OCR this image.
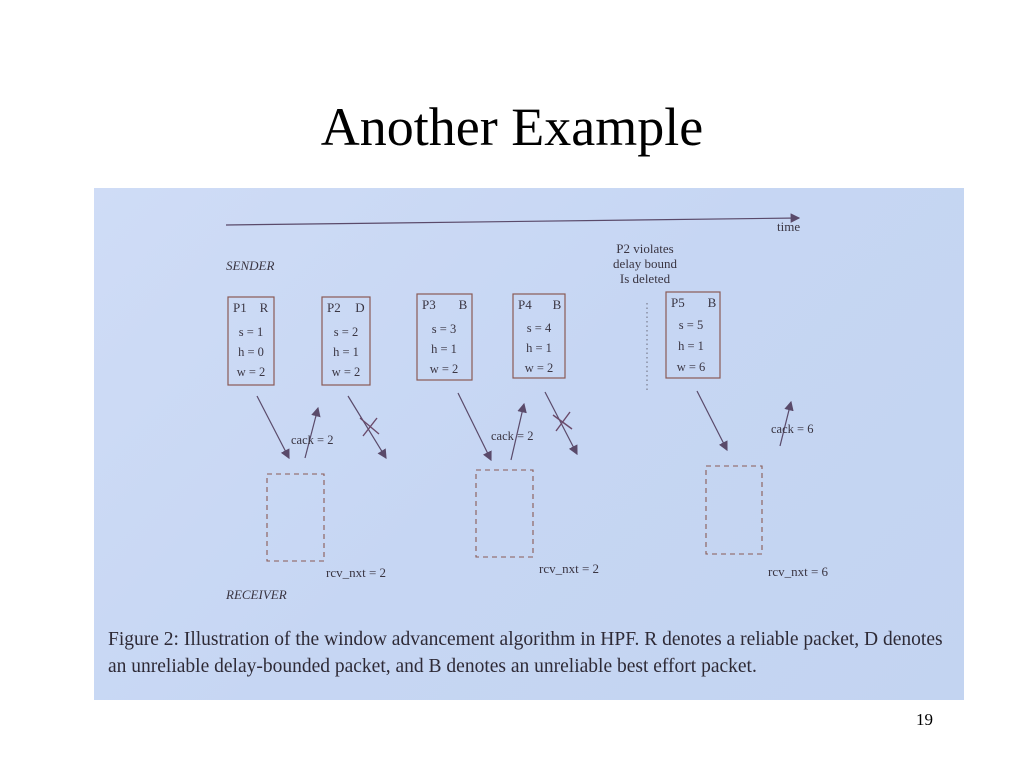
Another Example
time
SENDER
RECEIVER
P2 violates
delay bound
Is deleted
P1 R
s = 1
h = 0
w = 2
P2 D
s = 2
h = 1
w = 2
P3 B
s = 3
h = 1
w = 2
P4 B
s = 4
h = 1
w = 2
P5 B
s = 5
h = 1
w = 6
cack = 2	cack = 2	cack = 6
rcv_nxt = 2	rcv_nxt = 2	rcv_nxt = 6
Figure 2: Illustration of the window advancement algorithm in HPF. R denotes a reliable packet, D denotes an unreliable delay-bounded packet, and B denotes an unreliable best effort packet.
19
